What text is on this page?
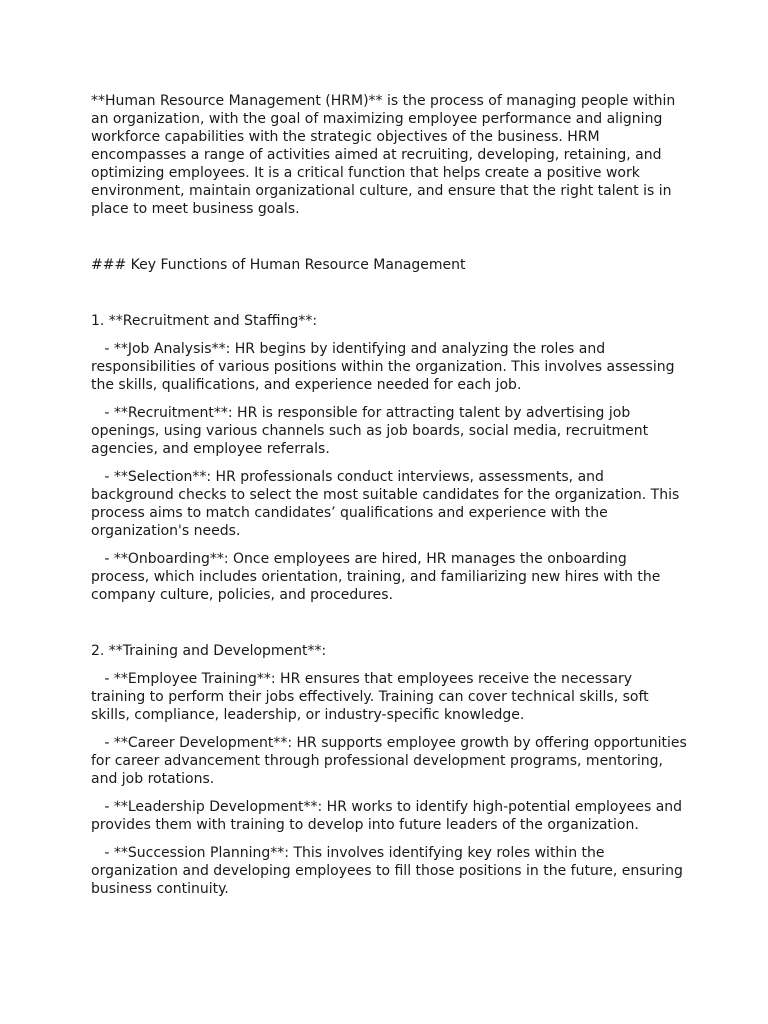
**Human Resource Management (HRM)** is the process of managing people within an organization, with the goal of maximizing employee performance and aligning workforce capabilities with the strategic objectives of the business. HRM encompasses a range of activities aimed at recruiting, developing, retaining, and optimizing employees. It is a critical function that helps create a positive work environment, maintain organizational culture, and ensure that the right talent is in place to meet business goals.

### Key Functions of Human Resource Management

1. **Recruitment and Staffing**:

- **Job Analysis**: HR begins by identifying and analyzing the roles and responsibilities of various positions within the organization. This involves assessing the skills, qualifications, and experience needed for each job.

- **Recruitment**: HR is responsible for attracting talent by advertising job openings, using various channels such as job boards, social media, recruitment agencies, and employee referrals.

- **Selection**: HR professionals conduct interviews, assessments, and background checks to select the most suitable candidates for the organization. This process aims to match candidates’ qualifications and experience with the organization's needs.

- **Onboarding**: Once employees are hired, HR manages the onboarding process, which includes orientation, training, and familiarizing new hires with the company culture, policies, and procedures.

2. **Training and Development**:

- **Employee Training**: HR ensures that employees receive the necessary training to perform their jobs effectively. Training can cover technical skills, soft skills, compliance, leadership, or industry-specific knowledge.

- **Career Development**: HR supports employee growth by offering opportunities for career advancement through professional development programs, mentoring, and job rotations.

- **Leadership Development**: HR works to identify high-potential employees and provides them with training to develop into future leaders of the organization.

- **Succession Planning**: This involves identifying key roles within the organization and developing employees to fill those positions in the future, ensuring business continuity.
